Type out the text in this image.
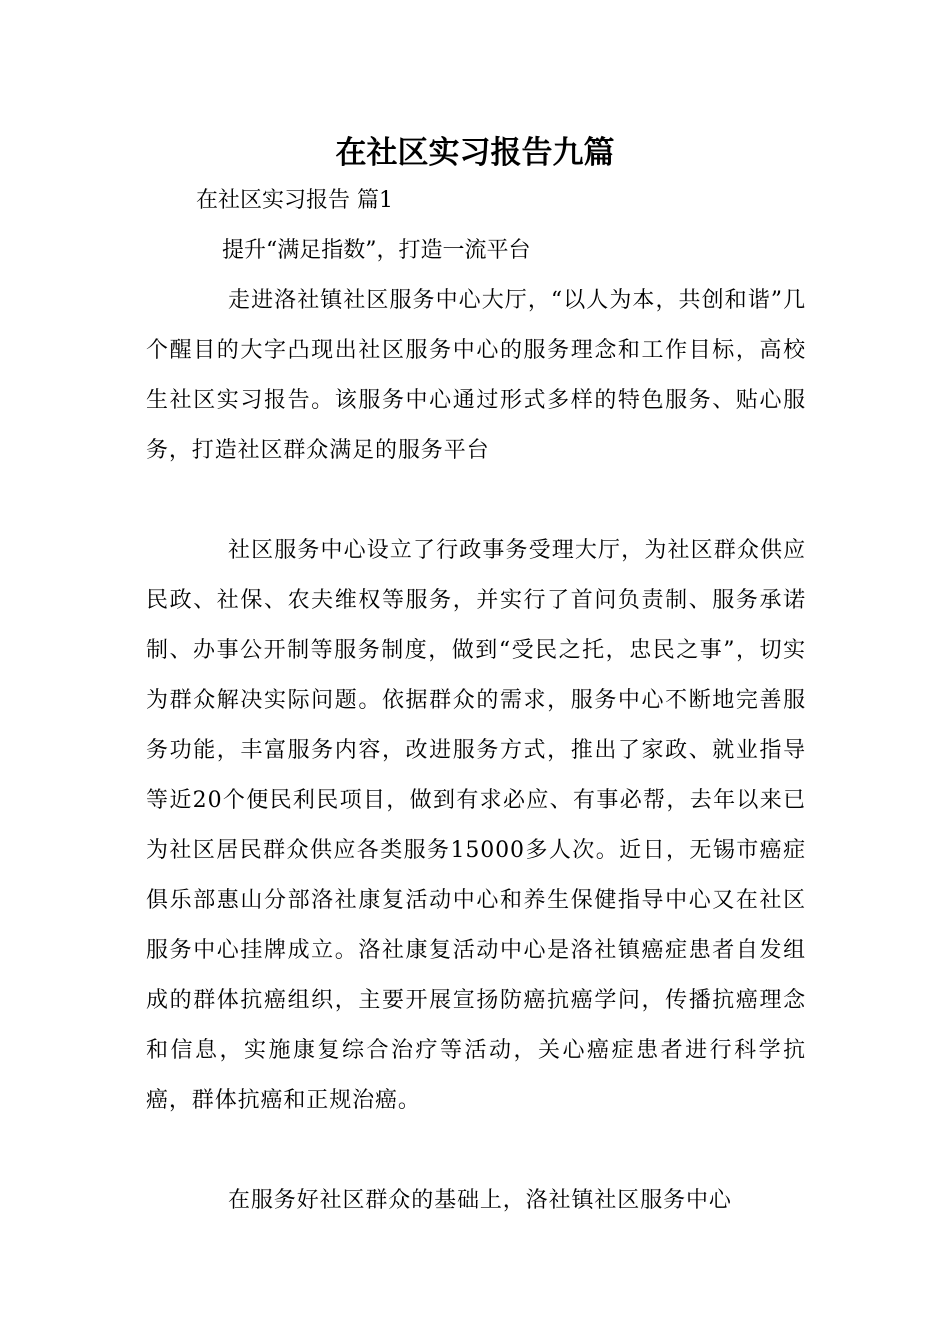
在社区实习报告九篇

在社区实习报告 篇1

提升“满足指数”，打造一流平台

走进洛社镇社区服务中心大厅，“以人为本，共创和谐”几个醒目的大字凸现出社区服务中心的服务理念和工作目标，高校生社区实习报告。该服务中心通过形式多样的特色服务、贴心服务，打造社区群众满足的服务平台

社区服务中心设立了行政事务受理大厅，为社区群众供应民政、社保、农夫维权等服务，并实行了首问负责制、服务承诺制、办事公开制等服务制度，做到“受民之托，忠民之事”，切实为群众解决实际问题。依据群众的需求，服务中心不断地完善服务功能，丰富服务内容，改进服务方式，推出了家政、就业指导等近20个便民利民项目，做到有求必应、有事必帮，去年以来已为社区居民群众供应各类服务15000多人次。近日，无锡市癌症俱乐部惠山分部洛社康复活动中心和养生保健指导中心又在社区服务中心挂牌成立。洛社康复活动中心是洛社镇癌症患者自发组成的群体抗癌组织，主要开展宣扬防癌抗癌学问，传播抗癌理念和信息，实施康复综合治疗等活动，关心癌症患者进行科学抗癌，群体抗癌和正规治癌。

在服务好社区群众的基础上，洛社镇社区服务中心
